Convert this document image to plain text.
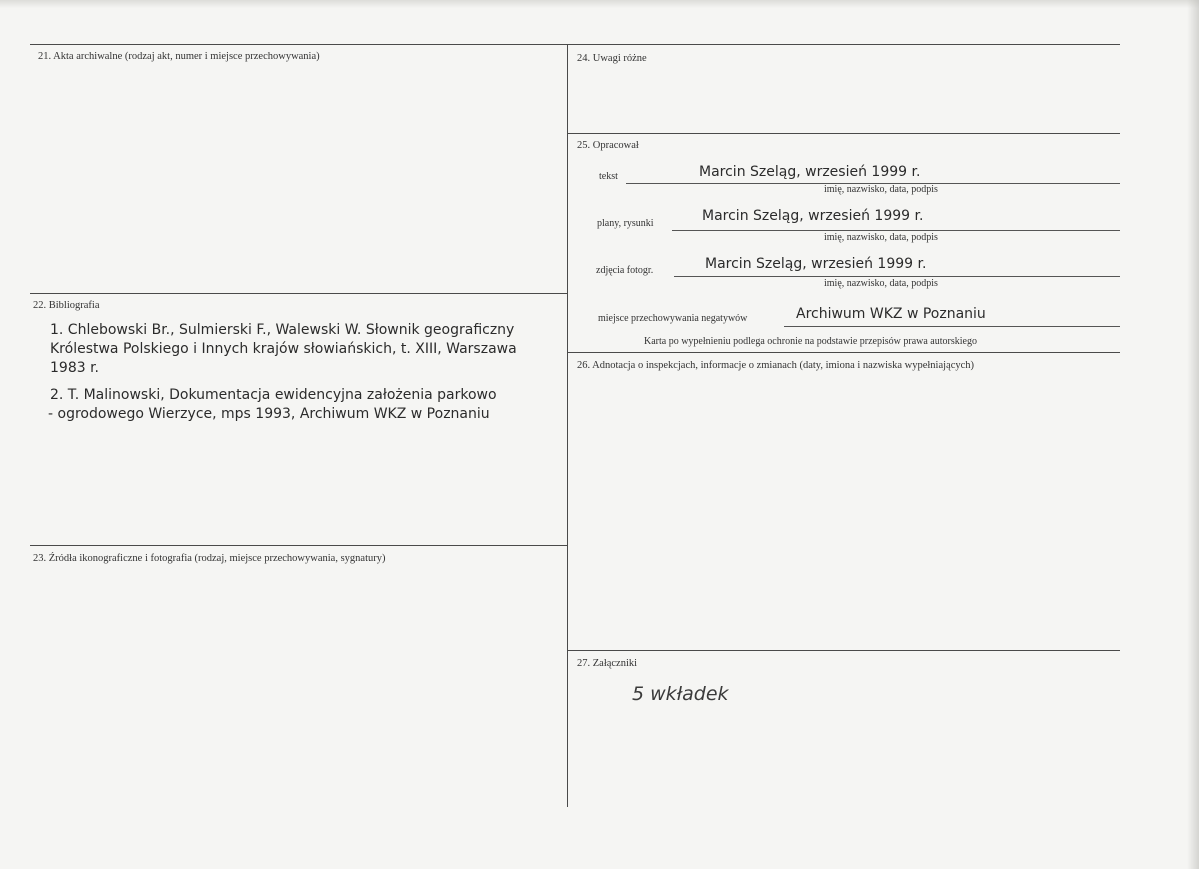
21. Akta archiwalne (rodzaj akt, numer i miejsce przechowywania)
22. Bibliografia

1. Chlebowski Br., Sulmierski F., Walewski W. Słownik geograficzny

Królestwa Polskiego i Innych krajów słowiańskich, t. XIII, Warszawa

1983 r.

2. T. Malinowski, Dokumentacja ewidencyjna założenia parkowo

- ogrodowego Wierzyce, mps 1993, Archiwum WKZ w Poznaniu

23. Źródła ikonograficzne i fotografia (rodzaj, miejsce przechowywania, sygnatury)
24. Uwagi różne
25. Opracował
tekst	Marcin Szeląg, wrzesień 1999 r.
imię, nazwisko, data, podpis
plany, rysunki	Marcin Szeląg, wrzesień 1999 r.
imię, nazwisko, data, podpis
zdjęcia fotogr.	Marcin Szeląg, wrzesień 1999 r.
imię, nazwisko, data, podpis
miejsce przechowywania negatywów	Archiwum WKZ w Poznaniu
Karta po wypełnieniu podlega ochronie na podstawie przepisów prawa autorskiego
26. Adnotacja o inspekcjach, informacje o zmianach (daty, imiona i nazwiska wypełniających)
27. Załączniki
5 wkładek
